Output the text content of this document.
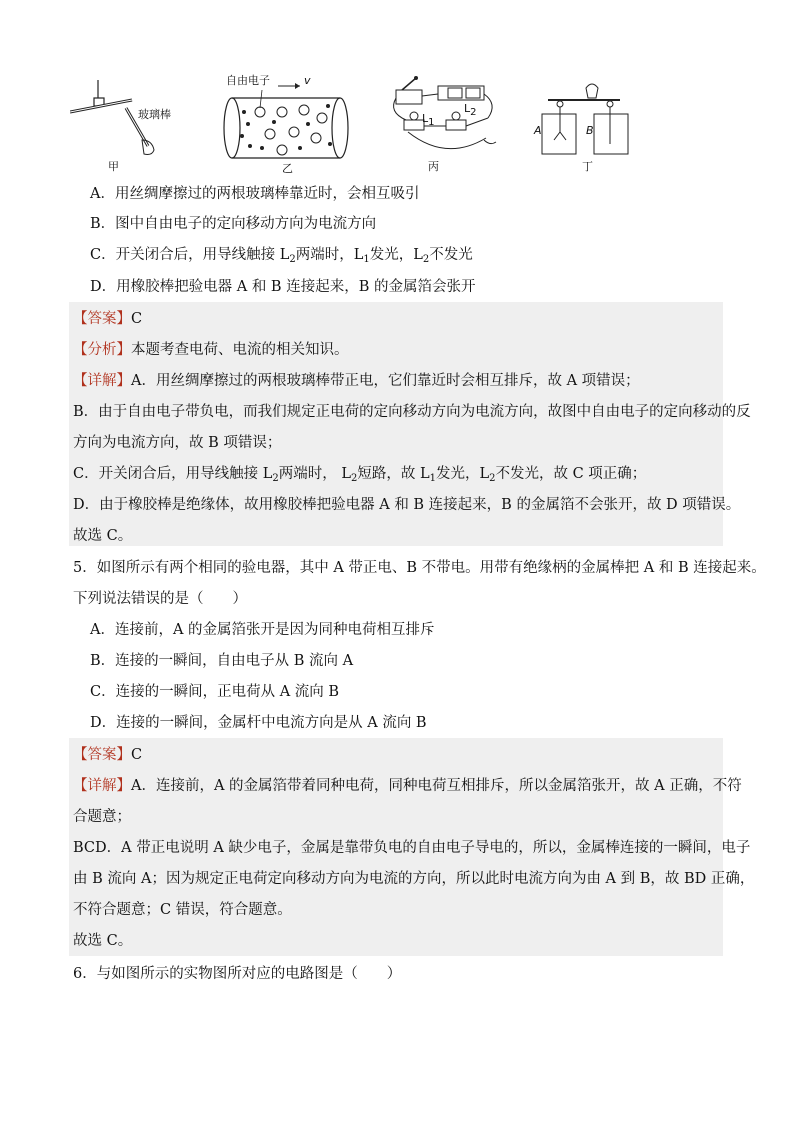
玻璃棒
甲
自由电子	v
乙
L1
L2
丙
A	B
丁
A．用丝绸摩擦过的两根玻璃棒靠近时，会相互吸引
B．图中自由电子的定向移动方向为电流方向
C．开关闭合后，用导线触接 $L_2$两端时，$L_1$发光，$L_2$不发光
D．用橡胶棒把验电器 A 和 B 连接起来，B 的金属箔会张开
【答案】C
【分析】本题考查电荷、电流的相关知识。
【详解】A．用丝绸摩擦过的两根玻璃棒带正电，它们靠近时会相互排斥，故 A 项错误；
B．由于自由电子带负电，而我们规定正电荷的定向移动方向为电流方向，故图中自由电子的定向移动的反
方向为电流方向，故 B 项错误；
C．开关闭合后，用导线触接 $L_2$两端时， $L_2$短路，故 $L_1$发光，$L_2$不发光，故 C 项正确；
D．由于橡胶棒是绝缘体，故用橡胶棒把验电器 A 和 B 连接起来，B 的金属箔不会张开，故 D 项错误。
故选 C。
5．如图所示有两个相同的验电器，其中 A 带正电、B 不带电。用带有绝缘柄的金属棒把 A 和 B 连接起来。
下列说法错误的是（　　）
A．连接前，A 的金属箔张开是因为同种电荷相互排斥
B．连接的一瞬间，自由电子从 B 流向 A
C．连接的一瞬间，正电荷从 A 流向 B
D．连接的一瞬间，金属杆中电流方向是从 A 流向 B
【答案】C
【详解】A．连接前，A 的金属箔带着同种电荷，同种电荷互相排斥，所以金属箔张开，故 A 正确，不符
合题意；
BCD．A 带正电说明 A 缺少电子，金属是靠带负电的自由电子导电的，所以，金属棒连接的一瞬间，电子
由 B 流向 A；因为规定正电荷定向移动方向为电流的方向，所以此时电流方向为由 A 到 B，故 BD 正确，
不符合题意；C 错误，符合题意。
故选 C。
6．与如图所示的实物图所对应的电路图是（　　）
